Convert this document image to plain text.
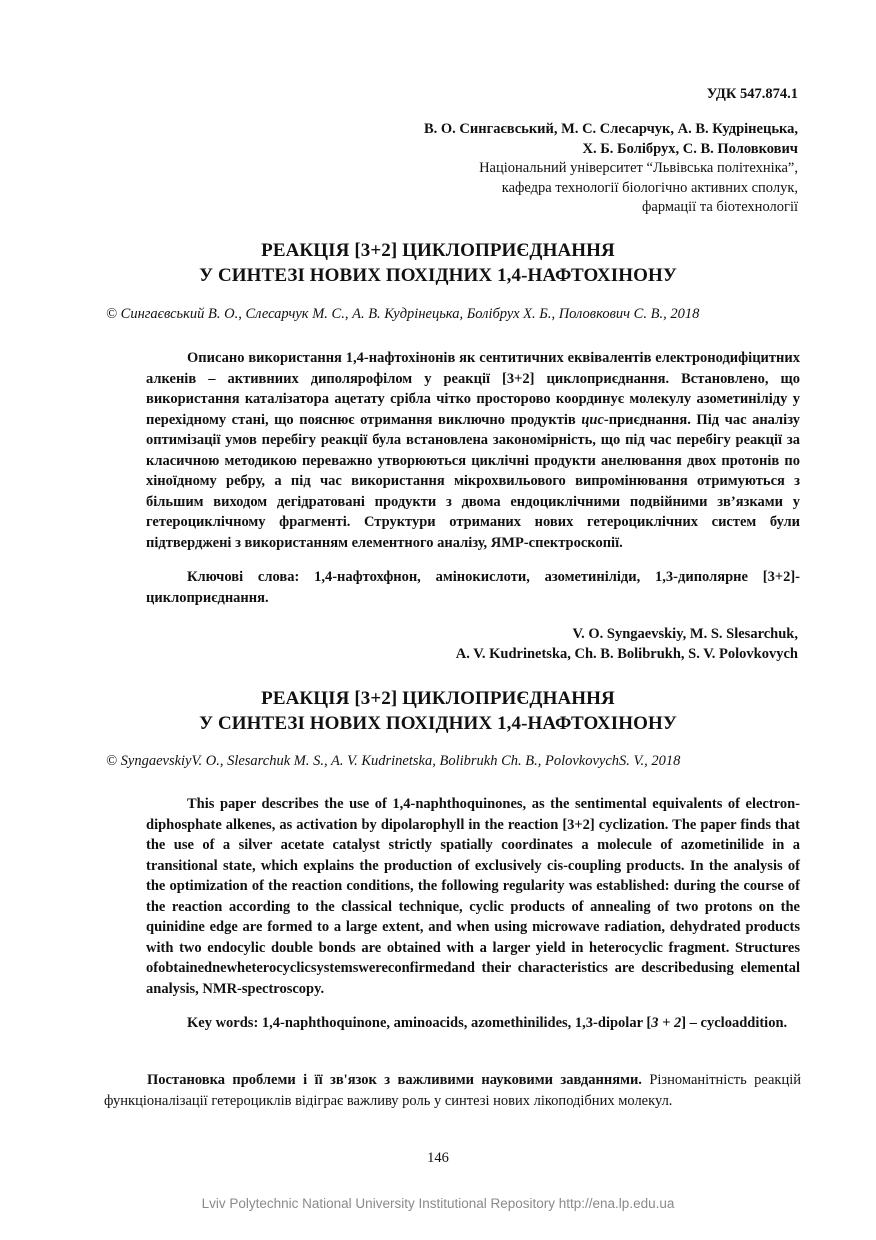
УДК 547.874.1
В. О. Сингаєвський, М. С. Слесарчук, А. В. Кудрінецька,
Х. Б. Болібрух, С. В. Половкович
Національний університет “Львівська політехніка”,
кафедра технології біологічно активних сполук,
фармації та біотехнології
РЕАКЦІЯ [3+2] ЦИКЛОПРИЄДНАННЯ
У СИНТЕЗІ НОВИХ ПОХІДНИХ 1,4-НАФТОХІНОНУ
© Сингаєвський В. О., Слесарчук М. С., А. В. Кудрінецька, Болібрух Х. Б., Половкович С. В., 2018

Описано використання 1,4-нафтохінонів як сентитичних еквівалентів електронодифіцитних алкенів – активниих диполярофілом у реакції [3+2] циклоприєднання. Встановлено, що використання каталізатора ацетату срібла чітко просторово координує молекулу азометиніліду у перехідному стані, що пояснює отримання виключно продуктів цис-приєднання. Під час аналізу оптимізації умов перебігу реакції була встановлена закономірність, що під час перебігу реакції за класичною методикою переважно утворюються циклічні продукти анелювання двох протонів по хіноїдному ребру, а під час використання мікрохвильового випромінювання отримуються з більшим виходом дегідратовані продукти з двома ендоциклічними подвійними зв’язками у гетероциклічному фрагменті. Структури отриманих нових гетероциклічних систем були підтверджені з використанням елементного аналізу, ЯМР-спектроскопії.

Ключові слова: 1,4-нафтохфнон, амінокислоти, азометиніліди, 1,3-диполярне [3+2]-циклоприєднання.

V. O. Syngaevskiy, M. S. Slesarchuk,
A. V. Kudrinetska, Ch. B. Bolibrukh, S. V. Polovkovych
РЕАКЦІЯ [3+2] ЦИКЛОПРИЄДНАННЯ
У СИНТЕЗІ НОВИХ ПОХІДНИХ 1,4-НАФТОХІНОНУ
© SyngaevskiyV. O., Slesarchuk M. S., A. V. Kudrinetska, Bolibrukh Ch. B., PolovkovychS. V., 2018

This paper describes the use of 1,4-naphthoquinones, as the sentimental equivalents of electron-diphosphate alkenes, as activation by dipolarophyll in the reaction [3+2] cyclization. The paper finds that the use of a silver acetate catalyst strictly spatially coordinates a molecule of azometinilide in a transitional state, which explains the production of exclusively cis-coupling products. In the analysis of the optimization of the reaction conditions, the following regularity was established: during the course of the reaction according to the classical technique, cyclic products of annealing of two protons on the quinidine edge are formed to a large extent, and when using microwave radiation, dehydrated products with two endocylic double bonds are obtained with a larger yield in heterocyclic fragment. Structures ofobtainednewheterocyclicsystemswereconfirmedand their characteristics are describedusing elemental analysis, NMR-spectroscopy.

Key words: 1,4-naphthoquinone, aminoacids, azomethinilides, 1,3-dipolar [3 + 2] – cycloaddition.

Постановка проблеми і її зв'язок з важливими науковими завданнями. Різноманітність реакцій функціоналізації гетероциклів відіграє важливу роль у синтезі нових лікоподібних молекул.

146
Lviv Polytechnic National University Institutional Repository http://ena.lp.edu.ua
